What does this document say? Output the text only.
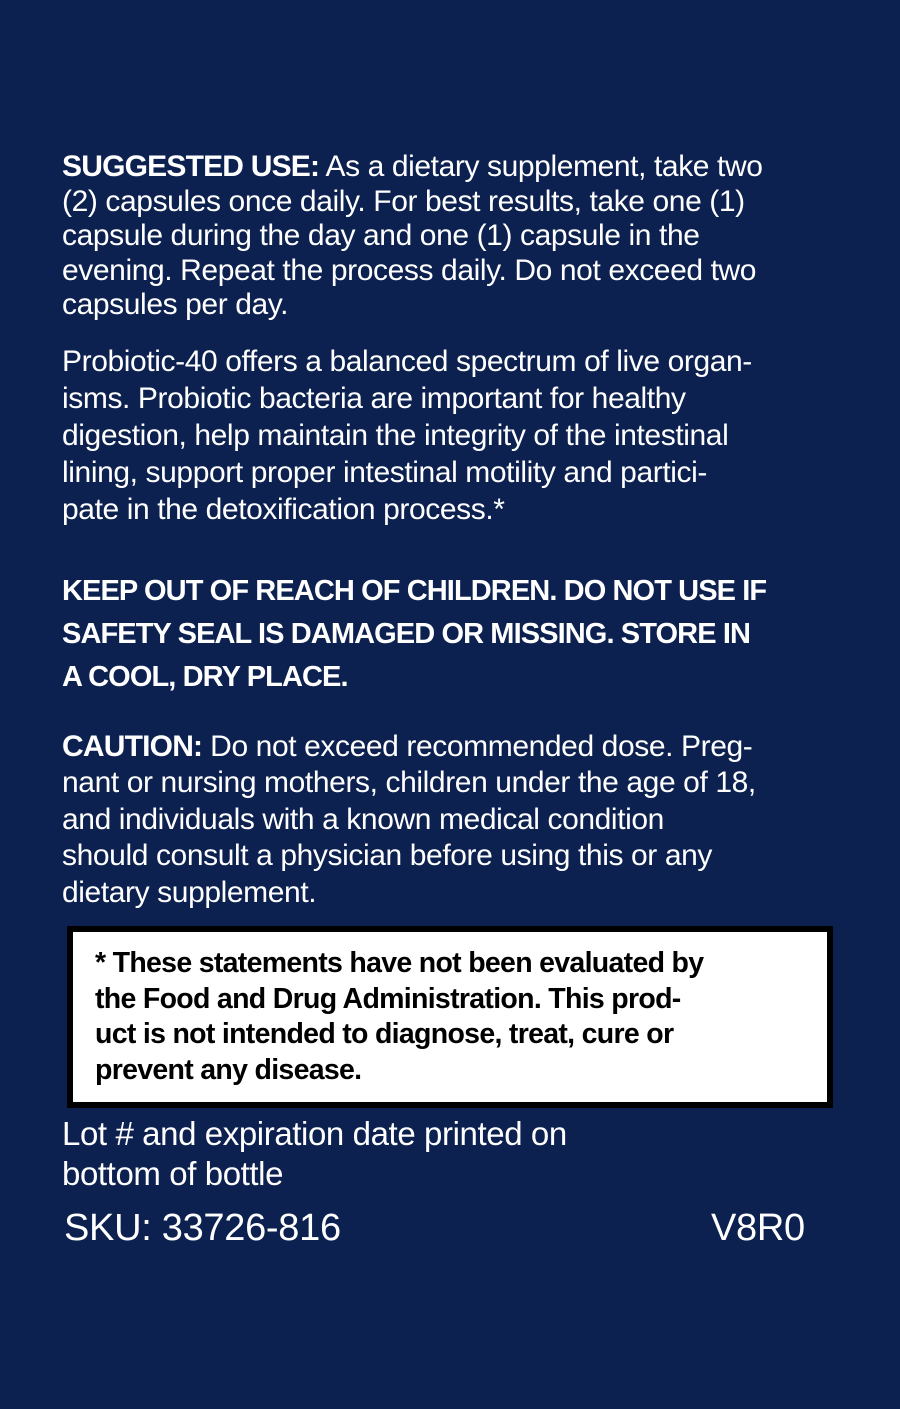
SUGGESTED USE: As a dietary supplement, take two
(2) capsules once daily. For best results, take one (1)
capsule during the day and one (1) capsule in the
evening. Repeat the process daily. Do not exceed two
capsules per day.

Probiotic-40 offers a balanced spectrum of live organ-
isms. Probiotic bacteria are important for healthy
digestion, help maintain the integrity of the intestinal
lining, support proper intestinal motility and partici-
pate in the detoxification process.*

KEEP OUT OF REACH OF CHILDREN. DO NOT USE IF
SAFETY SEAL IS DAMAGED OR MISSING. STORE IN
A COOL, DRY PLACE.

CAUTION: Do not exceed recommended dose. Preg-
nant or nursing mothers, children under the age of 18,
and individuals with a known medical condition
should consult a physician before using this or any
dietary supplement.

* These statements have not been evaluated by
the Food and Drug Administration. This prod-
uct is not intended to diagnose, treat, cure or
prevent any disease.
Lot # and expiration date printed on
bottom of bottle
SKU: 33726-816	V8R0
